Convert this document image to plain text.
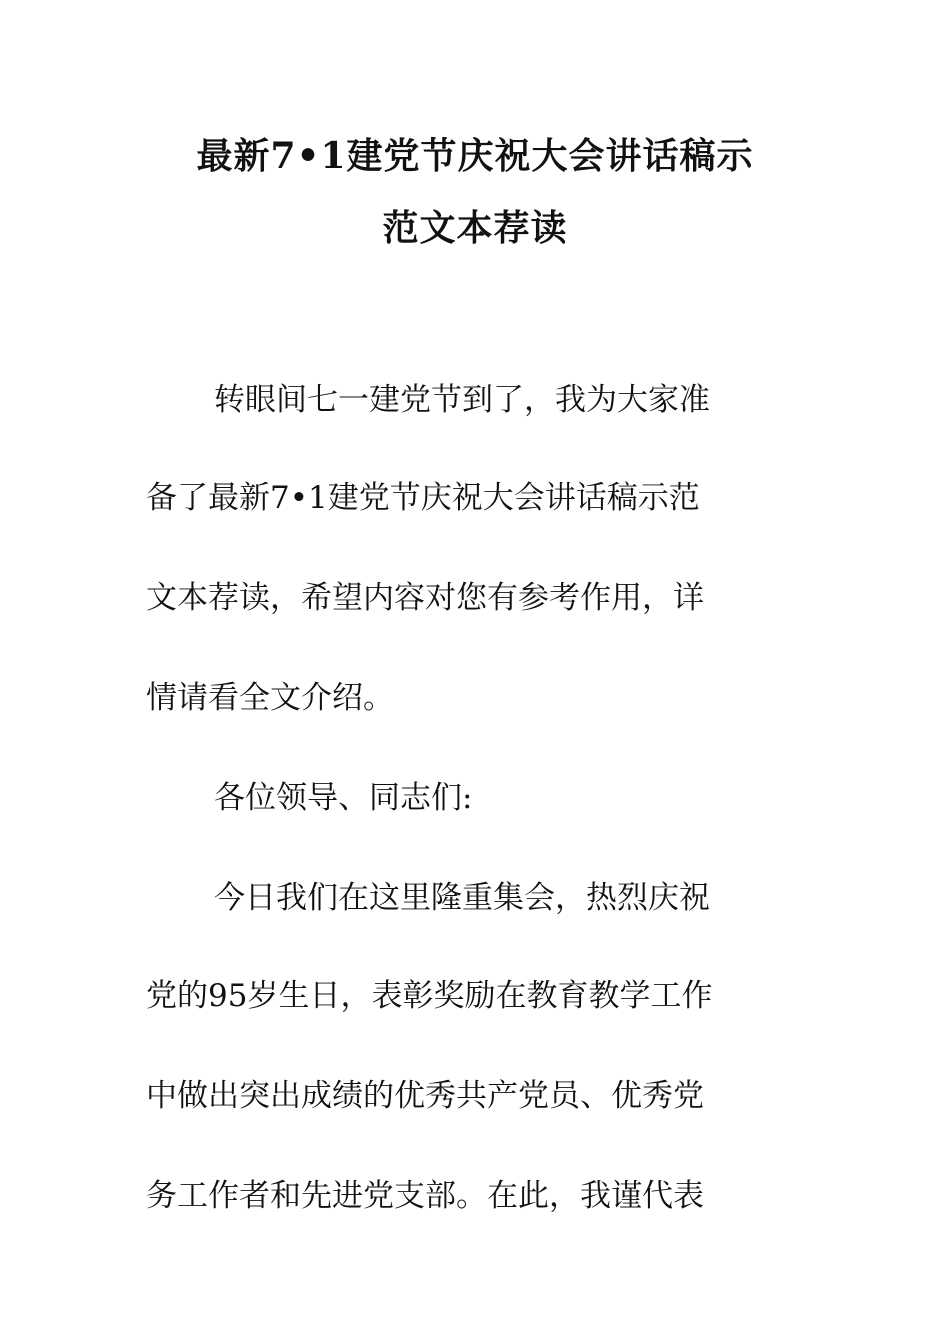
最新7•1建党节庆祝大会讲话稿示
范文本荐读
转眼间七一建党节到了，我为大家准
备了最新7•1建党节庆祝大会讲话稿示范
文本荐读，希望内容对您有参考作用，详
情请看全文介绍。
各位领导、同志们:
今日我们在这里隆重集会，热烈庆祝
党的95岁生日，表彰奖励在教育教学工作
中做出突出成绩的优秀共产党员、优秀党
务工作者和先进党支部。在此，我谨代表
